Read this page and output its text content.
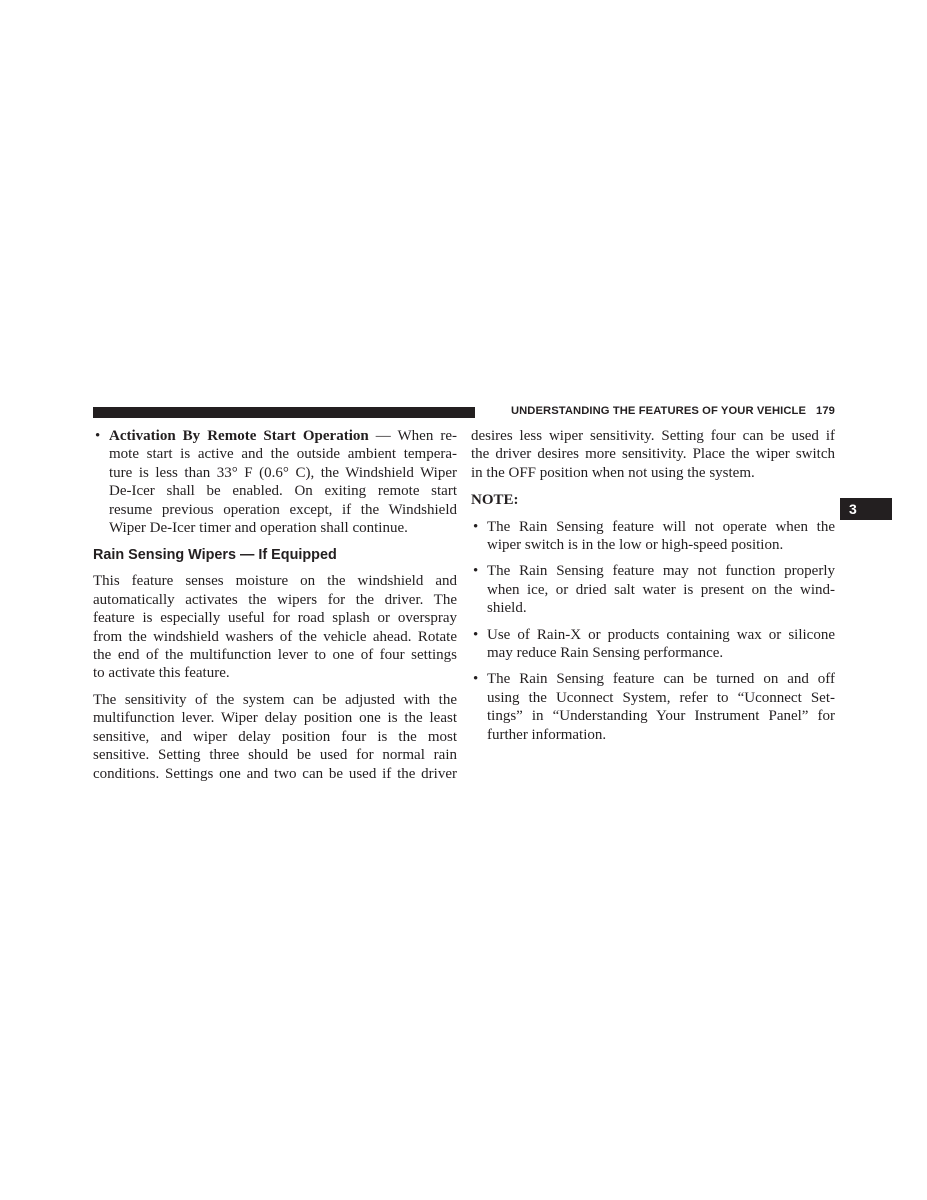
UNDERSTANDING THE FEATURES OF YOUR VEHICLE 179
3
• Activation By Remote Start Operation — When re-
mote start is active and the outside ambient tempera-
ture is less than 33° F (0.6° C), the Windshield Wiper
De-Icer shall be enabled. On exiting remote start
resume previous operation except, if the Windshield
Wiper De-Icer timer and operation shall continue.
Rain Sensing Wipers — If Equipped

This feature senses moisture on the windshield and
automatically activates the wipers for the driver. The
feature is especially useful for road splash or overspray
from the windshield washers of the vehicle ahead. Rotate
the end of the multifunction lever to one of four settings
to activate this feature.

The sensitivity of the system can be adjusted with the
multifunction lever. Wiper delay position one is the least
sensitive, and wiper delay position four is the most
sensitive. Setting three should be used for normal rain
conditions. Settings one and two can be used if the driver

desires less wiper sensitivity. Setting four can be used if
the driver desires more sensitivity. Place the wiper switch
in the OFF position when not using the system.

NOTE:
• The Rain Sensing feature will not operate when the
wiper switch is in the low or high-speed position.
• The Rain Sensing feature may not function properly
when ice, or dried salt water is present on the wind-
shield.
• Use of Rain-X or products containing wax or silicone
may reduce Rain Sensing performance.
• The Rain Sensing feature can be turned on and off
using the Uconnect System, refer to “Uconnect Set-
tings” in “Understanding Your Instrument Panel” for
further information.
